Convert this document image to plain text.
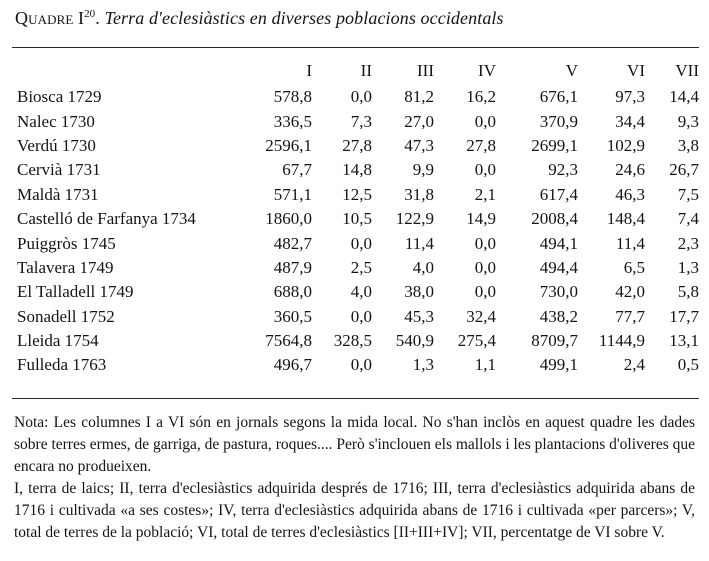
Quadre $I^{20}$. Terra d'eclesiàstics en diverses poblacions occidentals
	I	II	III	IV	V	VI	VII
Biosca 1729	578,8	0,0	81,2	16,2	676,1	97,3	14,4
Nalec 1730	336,5	7,3	27,0	0,0	370,9	34,4	9,3
Verdú 1730	2596,1	27,8	47,3	27,8	2699,1	102,9	3,8
Cervià 1731	67,7	14,8	9,9	0,0	92,3	24,6	26,7
Maldà 1731	571,1	12,5	31,8	2,1	617,4	46,3	7,5
Castelló de Farfanya 1734	1860,0	10,5	122,9	14,9	2008,4	148,4	7,4
Puiggròs 1745	482,7	0,0	11,4	0,0	494,1	11,4	2,3
Talavera 1749	487,9	2,5	4,0	0,0	494,4	6,5	1,3
El Talladell 1749	688,0	4,0	38,0	0,0	730,0	42,0	5,8
Sonadell 1752	360,5	0,0	45,3	32,4	438,2	77,7	17,7
Lleida 1754	7564,8	328,5	540,9	275,4	8709,7	1144,9	13,1
Fulleda 1763	496,7	0,0	1,3	1,1	499,1	2,4	0,5

Nota: Les columnes I a VI són en jornals segons la mida local. No s'han inclòs en aquest quadre les dades sobre terres ermes, de garriga, de pastura, roques.... Però s'inclouen els mallols i les plantacions d'oliveres que encara no produeixen.

I, terra de laics; II, terra d'eclesiàstics adquirida després de 1716; III, terra d'eclesiàstics adquirida abans de 1716 i cultivada «a ses costes»; IV, terra d'eclesiàstics adquirida abans de 1716 i cultivada «per parcers»; V, total de terres de la població; VI, total de terres d'eclesiàstics [II+III+IV]; VII, percentatge de VI sobre V.
